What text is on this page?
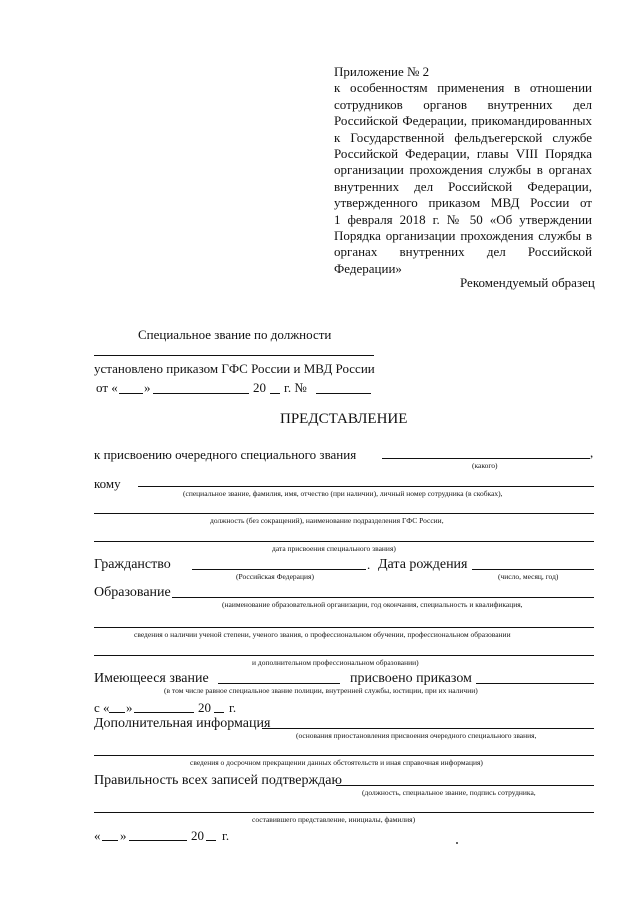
Приложение № 2
к особенностям применения в отношении
сотрудников органов внутренних дел
Российской Федерации, прикомандированных
к Государственной фельдъегерской службе
Российской Федерации, главы VIII Порядка
организации прохождения службы в органах
внутренних дел Российской Федерации,
утвержденного приказом МВД России от
1 февраля 2018 г. № 50 «Об утверждении
Порядка организации прохождения службы в
органах внутренних дел Российской
Федерации»
Рекомендуемый образец
Специальное звание по должности
установлено приказом ГФС России и МВД России
от « »	20 г. №
ПРЕДСТАВЛЕНИЕ
к присвоению очередного специального звания	,
(какого)
кому
(специальное звание, фамилия, имя, отчество (при наличии), личный номер сотрудника (в скобках),
должность (без сокращений), наименование подразделения ГФС России,
дата присвоения специального звания)
Гражданство	. Дата рождения
(Российская Федерация)	(число, месяц, год)
Образование
(наименование образовательной организации, год окончания, специальность и квалификация,
сведения о наличии ученой степени, ученого звания, о профессиональном обучении, профессиональном образовании
и дополнительном профессиональном образовании)
Имеющееся звание	присвоено приказом
(в том числе равное специальное звание полиции, внутренней службы, юстиции, при их наличии)
с « »	20 г.
Дополнительная информация
(основания приостановления присвоения очередного специального звания,
сведения о досрочном прекращении данных обстоятельств и иная справочная информация)
Правильность всех записей подтверждаю
(должность, специальное звание, подпись сотрудника,
составившего представление, инициалы, фамилия)
« »	20 г.
